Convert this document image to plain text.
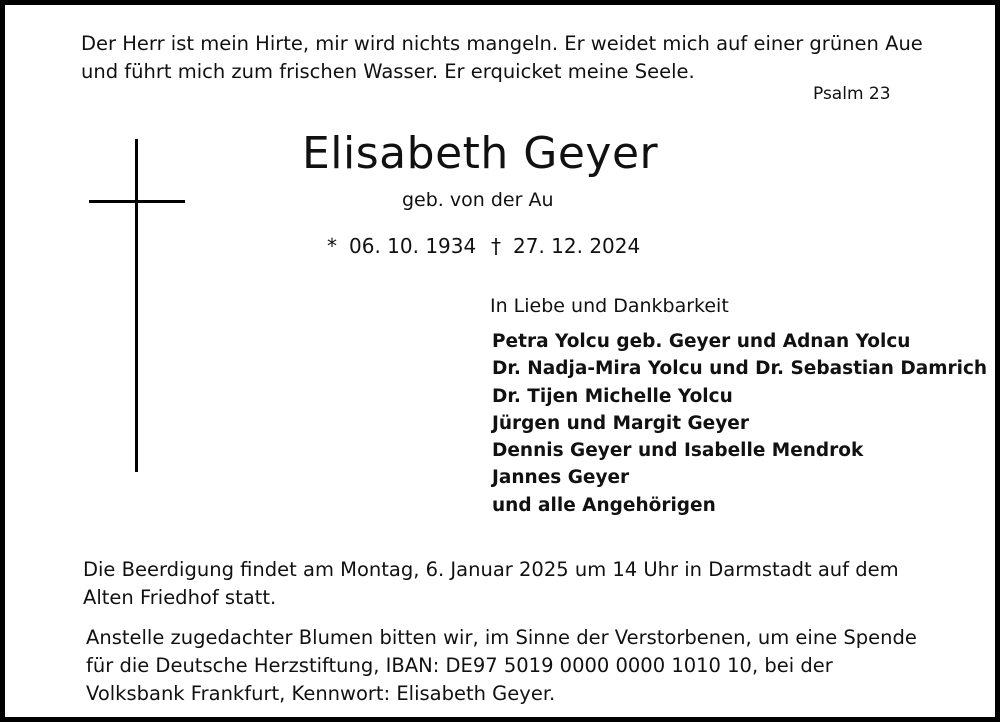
Der Herr ist mein Hirte, mir wird nichts mangeln. Er weidet mich auf einer grünen Aue
und führt mich zum frischen Wasser. Er erquicket meine Seele.
Psalm 23
Elisabeth Geyer
geb. von der Au
* 06. 10. 1934 † 27. 12. 2024
In Liebe und Dankbarkeit
Petra Yolcu geb. Geyer und Adnan Yolcu
Dr. Nadja-Mira Yolcu und Dr. Sebastian Damrich
Dr. Tijen Michelle Yolcu
Jürgen und Margit Geyer
Dennis Geyer und Isabelle Mendrok
Jannes Geyer
und alle Angehörigen
Die Beerdigung findet am Montag, 6. Januar 2025 um 14 Uhr in Darmstadt auf dem
Alten Friedhof statt.
Anstelle zugedachter Blumen bitten wir, im Sinne der Verstorbenen, um eine Spende
für die Deutsche Herzstiftung, IBAN: DE97 5019 0000 0000 1010 10, bei der
Volksbank Frankfurt, Kennwort: Elisabeth Geyer.
